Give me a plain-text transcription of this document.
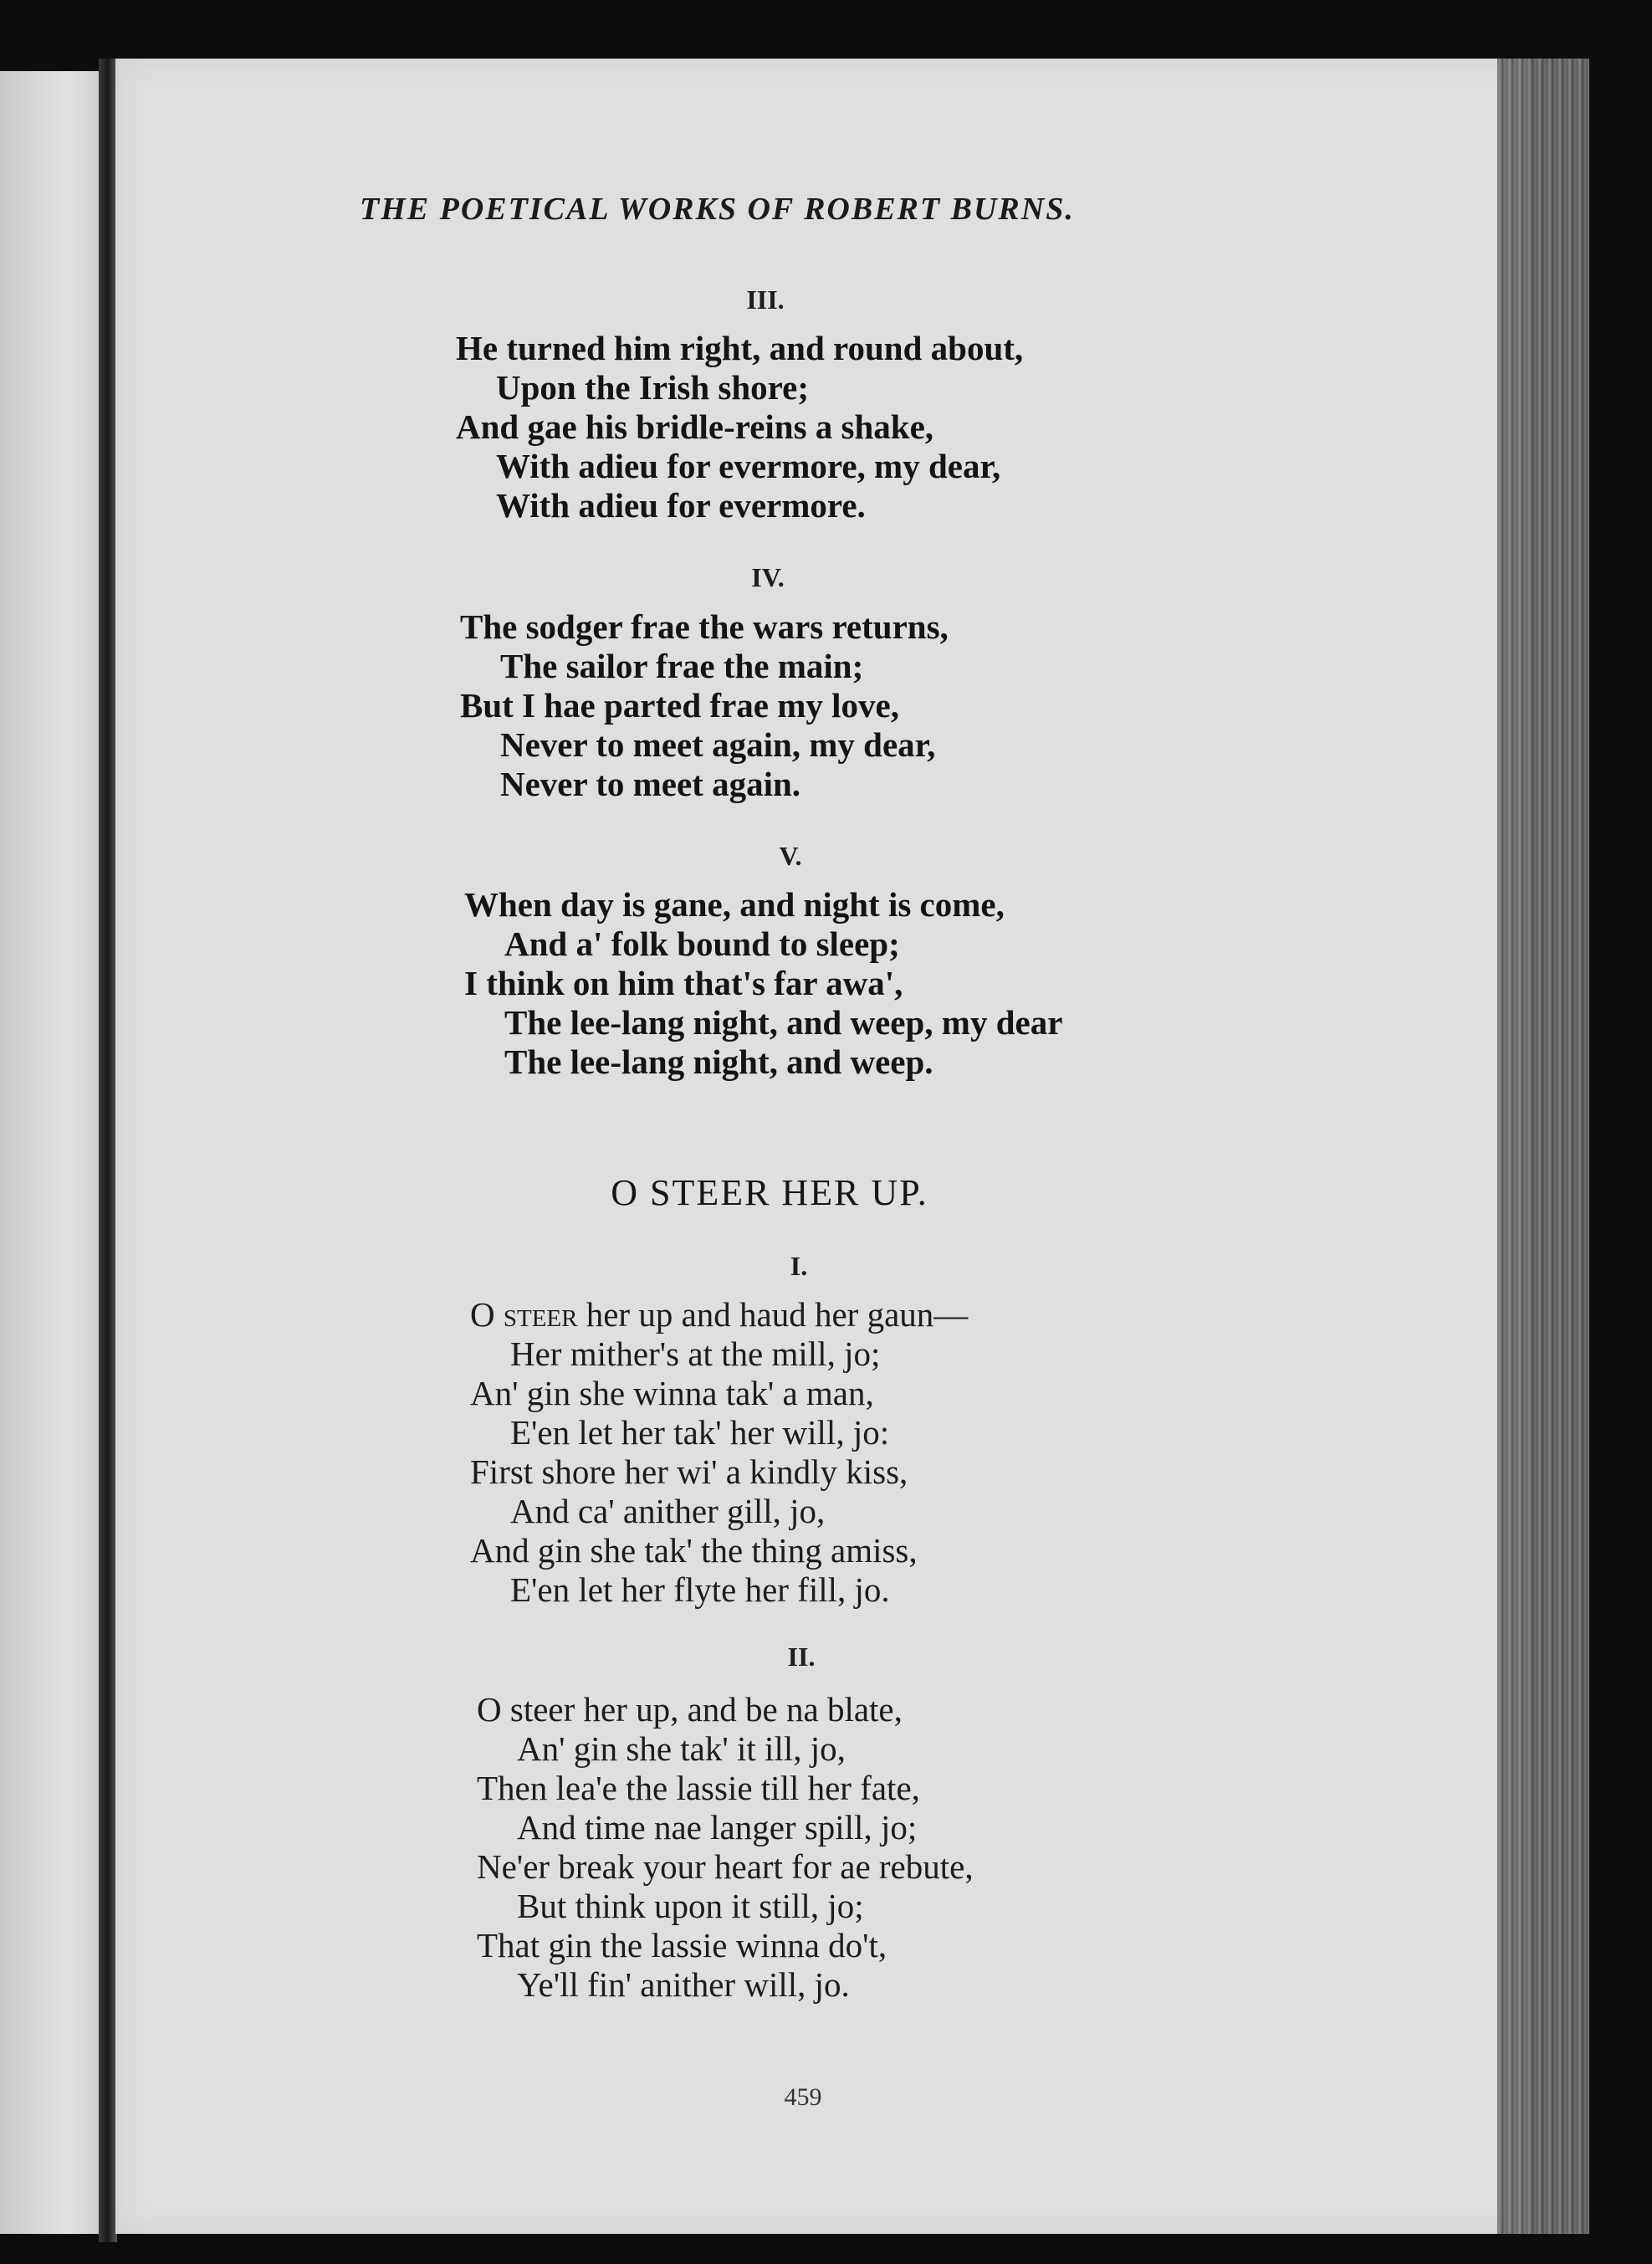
THE POETICAL WORKS OF ROBERT BURNS.
III.
He turned him right, and round about,
Upon the Irish shore;
And gae his bridle-reins a shake,
With adieu for evermore, my dear,
With adieu for evermore.
IV.
The sodger frae the wars returns,
The sailor frae the main;
But I hae parted frae my love,
Never to meet again, my dear,
Never to meet again.
V.
When day is gane, and night is come,
And a' folk bound to sleep;
I think on him that's far awa',
The lee-lang night, and weep, my dear
The lee-lang night, and weep.
O STEER HER UP.
I.
O steer her up and haud her gaun—
Her mither's at the mill, jo;
An' gin she winna tak' a man,
E'en let her tak' her will, jo:
First shore her wi' a kindly kiss,
And ca' anither gill, jo,
And gin she tak' the thing amiss,
E'en let her flyte her fill, jo.
II.
O steer her up, and be na blate,
An' gin she tak' it ill, jo,
Then lea'e the lassie till her fate,
And time nae langer spill, jo;
Ne'er break your heart for ae rebute,
But think upon it still, jo;
That gin the lassie winna do't,
Ye'll fin' anither will, jo.
459
